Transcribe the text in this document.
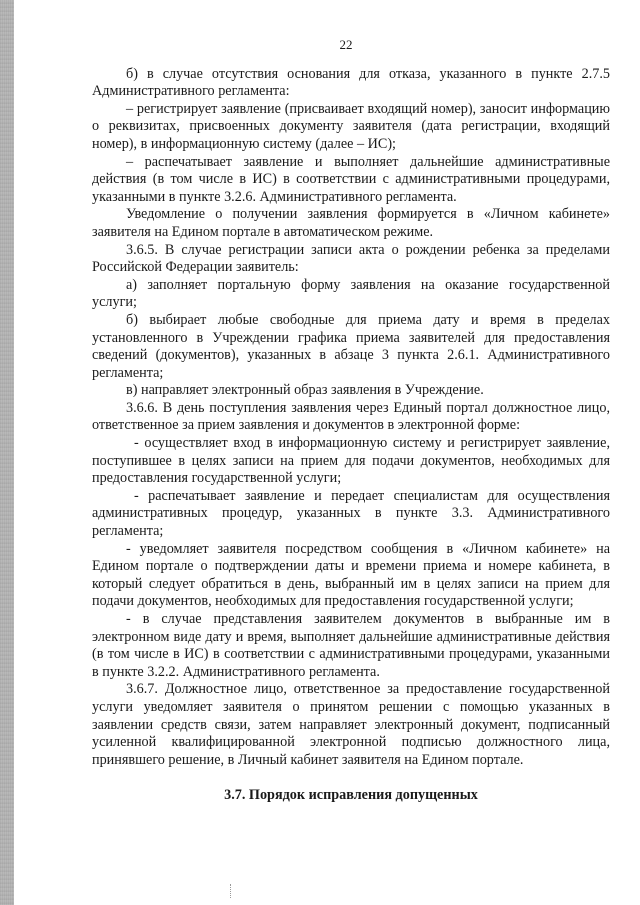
22

б) в случае отсутствия основания для отказа, указанного в пункте 2.7.5 Административного регламента:

– регистрирует заявление (присваивает входящий номер), заносит информацию о реквизитах, присвоенных документу заявителя (дата регистрации, входящий номер), в информационную систему (далее – ИС);

– распечатывает заявление и выполняет дальнейшие административные действия (в том числе в ИС) в соответствии с административными процедурами, указанными в пункте 3.2.6. Административного регламента.

Уведомление о получении заявления формируется в «Личном кабинете» заявителя на Едином портале в автоматическом режиме.

3.6.5. В случае регистрации записи акта о рождении ребенка за пределами Российской Федерации заявитель:

а) заполняет портальную форму заявления на оказание государственной услуги;

б) выбирает любые свободные для приема дату и время в пределах установленного в Учреждении графика приема заявителей для предоставления сведений (документов), указанных в абзаце 3 пункта 2.6.1. Административного регламента;

в) направляет электронный образ заявления в Учреждение.

3.6.6. В день поступления заявления через Единый портал должностное лицо, ответственное за прием заявления и документов в электронной форме:

- осуществляет вход в информационную систему и регистрирует заявление, поступившее в целях записи на прием для подачи документов, необходимых для предоставления государственной услуги;

- распечатывает заявление и передает специалистам для осуществления административных процедур, указанных в пункте 3.3. Административного регламента;

- уведомляет заявителя посредством сообщения в «Личном кабинете» на Едином портале о подтверждении даты и времени приема и номере кабинета, в который следует обратиться в день, выбранный им в целях записи на прием для подачи документов, необходимых для предоставления государственной услуги;

- в случае представления заявителем документов в выбранные им в электронном виде дату и время, выполняет дальнейшие административные действия (в том числе в ИС) в соответствии с административными процедурами, указанными в пункте 3.2.2. Административного регламента.

3.6.7. Должностное лицо, ответственное за предоставление государственной услуги уведомляет заявителя о принятом решении с помощью указанных в заявлении средств связи, затем направляет электронный документ, подписанный усиленной квалифицированной электронной подписью должностного лица, принявшего решение, в Личный кабинет заявителя на Едином портале.

3.7. Порядок исправления допущенных
